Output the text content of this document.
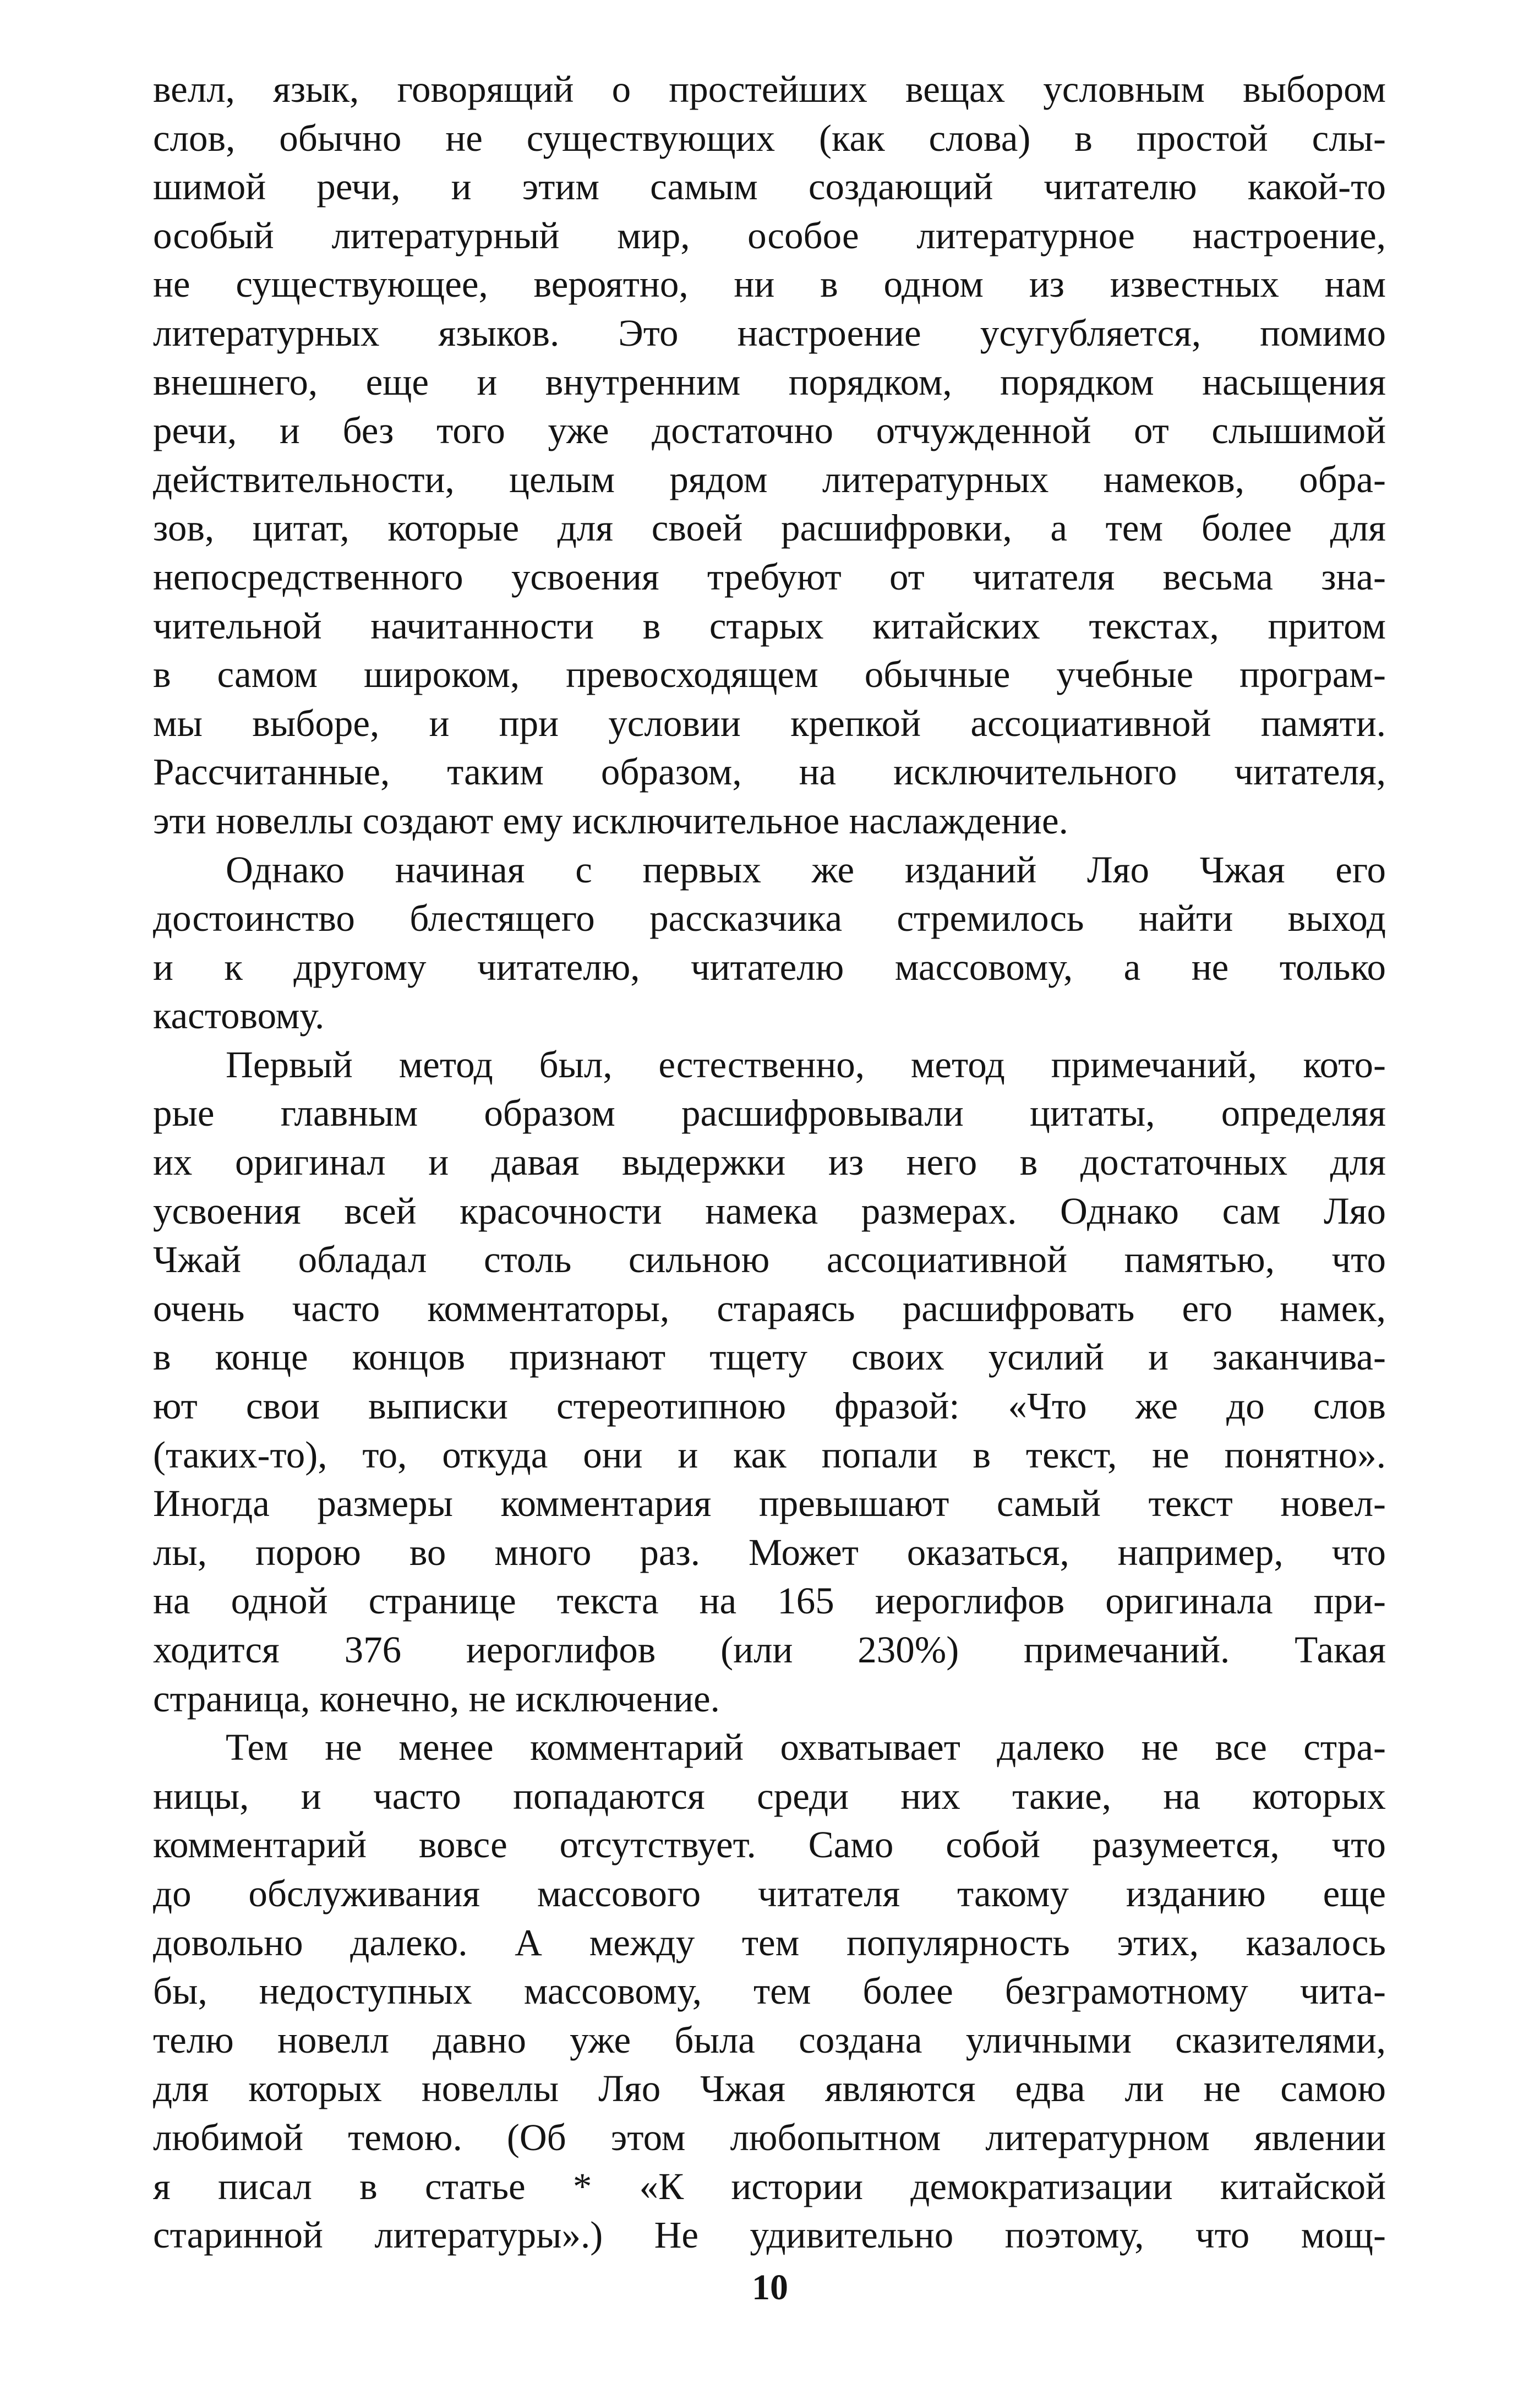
велл, язык, говорящий о простейших вещах условным выбором
слов, обычно не существующих (как слова) в простой слы-
шимой речи, и этим самым создающий читателю какой-то
особый литературный мир, особое литературное настроение,
не существующее, вероятно, ни в одном из известных нам
литературных языков. Это настроение усугубляется, помимо
внешнего, еще и внутренним порядком, порядком насыщения
речи, и без того уже достаточно отчужденной от слышимой
действительности, целым рядом литературных намеков, обра-
зов, цитат, которые для своей расшифровки, а тем более для
непосредственного усвоения требуют от читателя весьма зна-
чительной начитанности в старых китайских текстах, притом
в самом широком, превосходящем обычные учебные програм-
мы выборе, и при условии крепкой ассоциативной памяти.
Рассчитанные, таким образом, на исключительного читателя,
эти новеллы создают ему исключительное наслаждение.
Однако начиная с первых же изданий Ляо Чжая его
достоинство блестящего рассказчика стремилось найти выход
и к другому читателю, читателю массовому, а не только
кастовому.
Первый метод был, естественно, метод примечаний, кото-
рые главным образом расшифровывали цитаты, определяя
их оригинал и давая выдержки из него в достаточных для
усвоения всей красочности намека размерах. Однако сам Ляо
Чжай обладал столь сильною ассоциативной памятью, что
очень часто комментаторы, стараясь расшифровать его намек,
в конце концов признают тщету своих усилий и заканчива-
ют свои выписки стереотипною фразой: «Что же до слов
(таких-то), то, откуда они и как попали в текст, не понятно».
Иногда размеры комментария превышают самый текст новел-
лы, порою во много раз. Может оказаться, например, что
на одной странице текста на 165 иероглифов оригинала при-
ходится 376 иероглифов (или 230%) примечаний. Такая
страница, конечно, не исключение.
Тем не менее комментарий охватывает далеко не все стра-
ницы, и часто попадаются среди них такие, на которых
комментарий вовсе отсутствует. Само собой разумеется, что
до обслуживания массового читателя такому изданию еще
довольно далеко. А между тем популярность этих, казалось
бы, недоступных массовому, тем более безграмотному чита-
телю новелл давно уже была создана уличными сказителями,
для которых новеллы Ляо Чжая являются едва ли не самою
любимой темою. (Об этом любопытном литературном явлении
я писал в статье * «К истории демократизации китайской
старинной литературы».) Не удивительно поэтому, что мощ-
10
